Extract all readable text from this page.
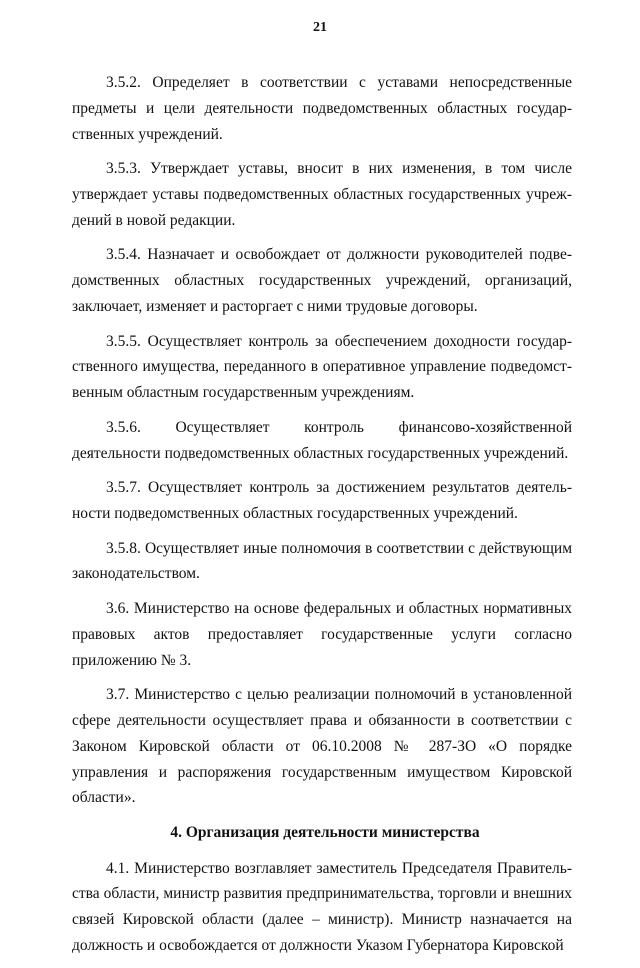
21

3.5.2. Определяет в соответствии с уставами непосредственные предметы и цели деятельности подведомственных областных государственных учреждений.

3.5.3. Утверждает уставы, вносит в них изменения, в том числе утверждает уставы подведомственных областных государственных учреждений в новой редакции.

3.5.4. Назначает и освобождает от должности руководителей подведомственных областных государственных учреждений, организаций, заключает, изменяет и расторгает с ними трудовые договоры.

3.5.5. Осуществляет контроль за обеспечением доходности государственного имущества, переданного в оперативное управление подведомственным областным государственным учреждениям.

3.5.6. Осуществляет контроль финансово-хозяйственной деятельности подведомственных областных государственных учреждений.

3.5.7. Осуществляет контроль за достижением результатов деятельности подведомственных областных государственных учреждений.

3.5.8. Осуществляет иные полномочия в соответствии с действующим законодательством.

3.6. Министерство на основе федеральных и областных нормативных правовых актов предоставляет государственные услуги согласно приложению № 3.

3.7. Министерство с целью реализации полномочий в установленной сфере деятельности осуществляет права и обязанности в соответствии с Законом Кировской области от 06.10.2008 № 287-ЗО «О порядке управления и распоряжения государственным имуществом Кировской области».

4. Организация деятельности министерства

4.1. Министерство возглавляет заместитель Председателя Правительства области, министр развития предпринимательства, торговли и внешних связей Кировской области (далее – министр). Министр назначается на должность и освобождается от должности Указом Губернатора Кировской
